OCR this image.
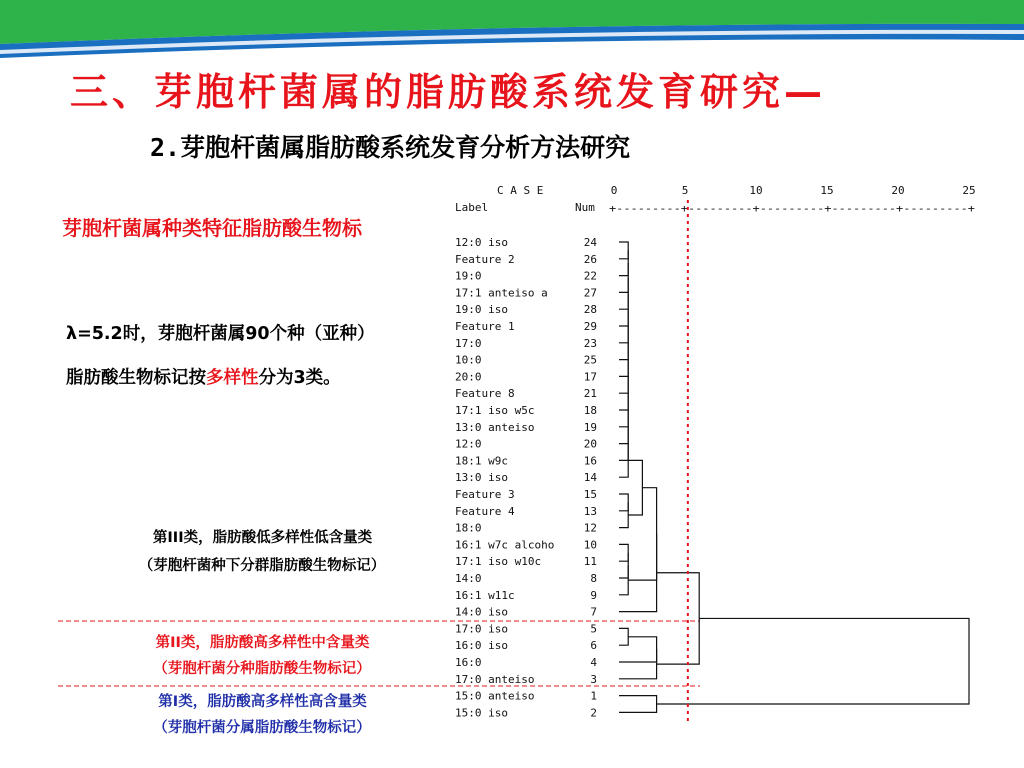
三、芽胞杆菌属的脂肪酸系统发育研究—
2.芽胞杆菌属脂肪酸系统发育分析方法研究
芽胞杆菌属种类特征脂肪酸生物标
λ=5.2时，芽胞杆菌属90个种（亚种）
脂肪酸生物标记按多样性分为3类。
第III类，脂肪酸低多样性低含量类
（芽胞杆菌种下分群脂肪酸生物标记）
第II类，脂肪酸高多样性中含量类
（芽胞杆菌分种脂肪酸生物标记）
第I类，脂肪酸高多样性高含量类
（芽胞杆菌分属脂肪酸生物标记）
C A S E
Label	Num +---------+---------+---------+---------+---------+
0	5	10	15	20	25
12:0 iso	24
Feature 2	26
19:0	22
17:1 anteiso a	27
19:0 iso	28
Feature 1	29
17:0	23
10:0	25
20:0	17
Feature 8	21
17:1 iso w5c	18
13:0 anteiso	19
12:0	20
18:1 w9c	16
13:0 iso	14
Feature 3	15
Feature 4	13
18:0	12
16:1 w7c alcoho	10
17:1 iso w10c	11
14:0	8
16:1 w11c	9
14:0 iso	7
17:0 iso	5
16:0 iso	6
16:0	4
17:0 anteiso	3
15:0 anteiso	1
15:0 iso	2
